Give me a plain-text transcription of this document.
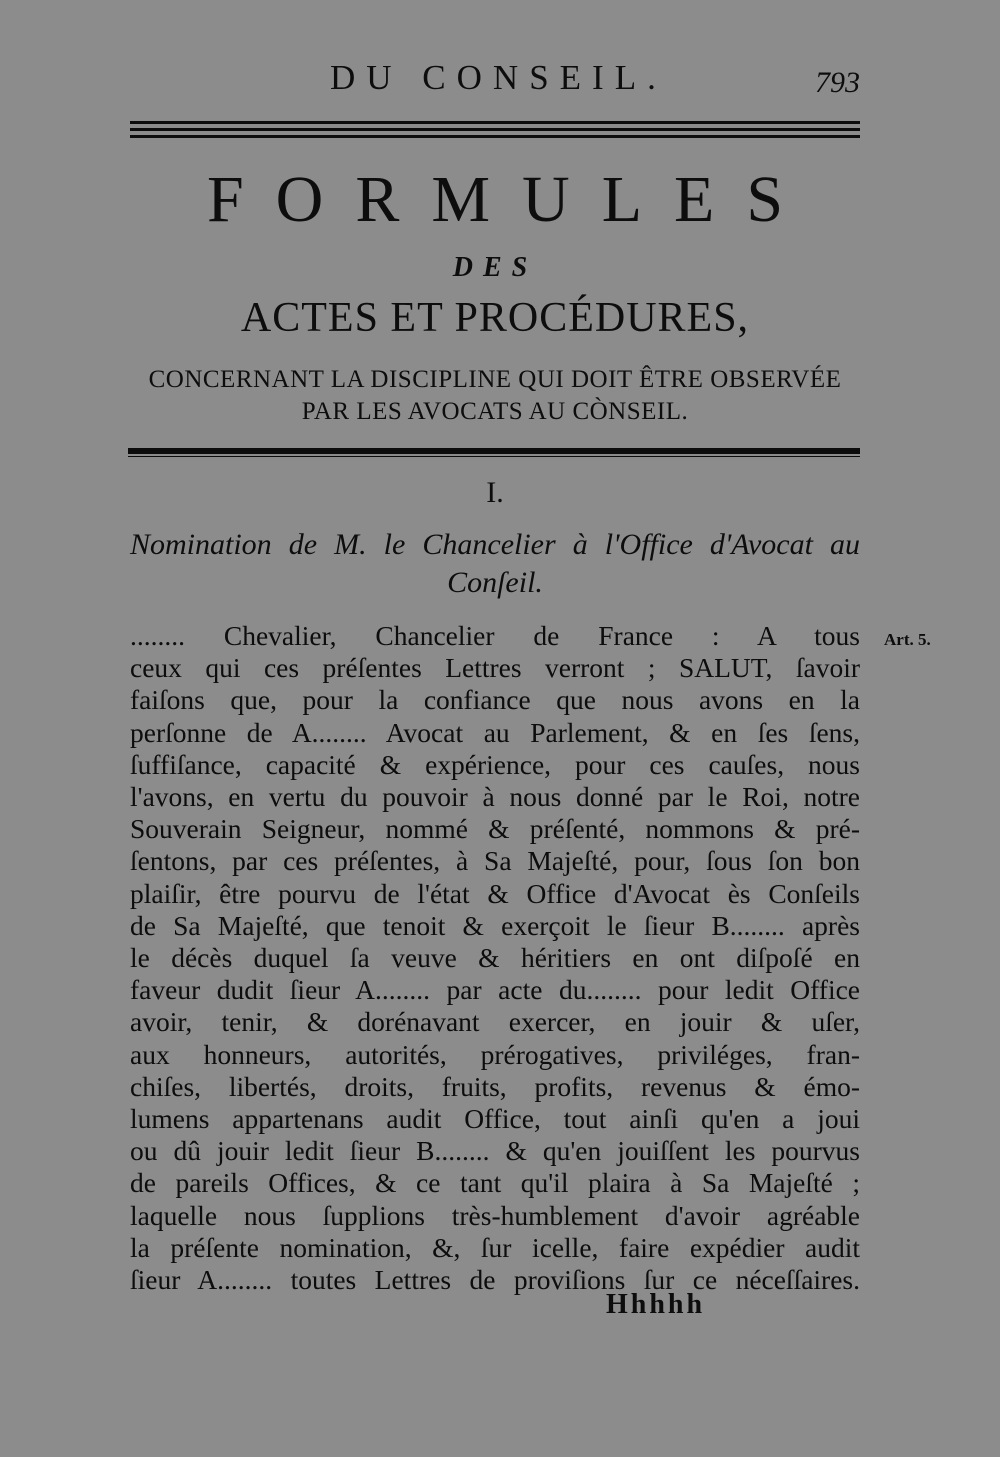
DU CONSEIL.	793
FORMULES
DES
ACTES ET PROCÉDURES,
CONCERNANT LA DISCIPLINE QUI DOIT ÊTRE OBSERVÉE
PAR LES AVOCATS AU CÒNSEIL.
I.
Nomination de M. le Chancelier à l'Office d'Avocat au Conſeil.
Art. 5.
........ Chevalier, Chancelier de France : A tous
ceux qui ces préſentes Lettres verront ; SALUT, ſavoir
faiſons que, pour la confiance que nous avons en la
perſonne de A........ Avocat au Parlement, & en ſes ſens,
ſuffiſance, capacité & expérience, pour ces cauſes, nous
l'avons, en vertu du pouvoir à nous donné par le Roi, notre
Souverain Seigneur, nommé & préſenté, nommons & pré-
ſentons, par ces préſentes, à Sa Majeſté, pour, ſous ſon bon
plaiſir, être pourvu de l'état & Office d'Avocat ès Conſeils
de Sa Majeſté, que tenoit & exerçoit le ſieur B........ après
le décès duquel ſa veuve & héritiers en ont diſpoſé en
faveur dudit ſieur A........ par acte du........ pour ledit Office
avoir, tenir, & dorénavant exercer, en jouir & uſer,
aux honneurs, autorités, prérogatives, priviléges, fran-
chiſes, libertés, droits, fruits, profits, revenus & émo-
lumens appartenans audit Office, tout ainſi qu'en a joui
ou dû jouir ledit ſieur B........ & qu'en jouiſſent les pourvus
de pareils Offices, & ce tant qu'il plaira à Sa Majeſté ;
laquelle nous ſupplions très-humblement d'avoir agréable
la préſente nomination, &, ſur icelle, faire expédier audit
ſieur A........ toutes Lettres de proviſions ſur ce néceſſaires.
Hhhhh
